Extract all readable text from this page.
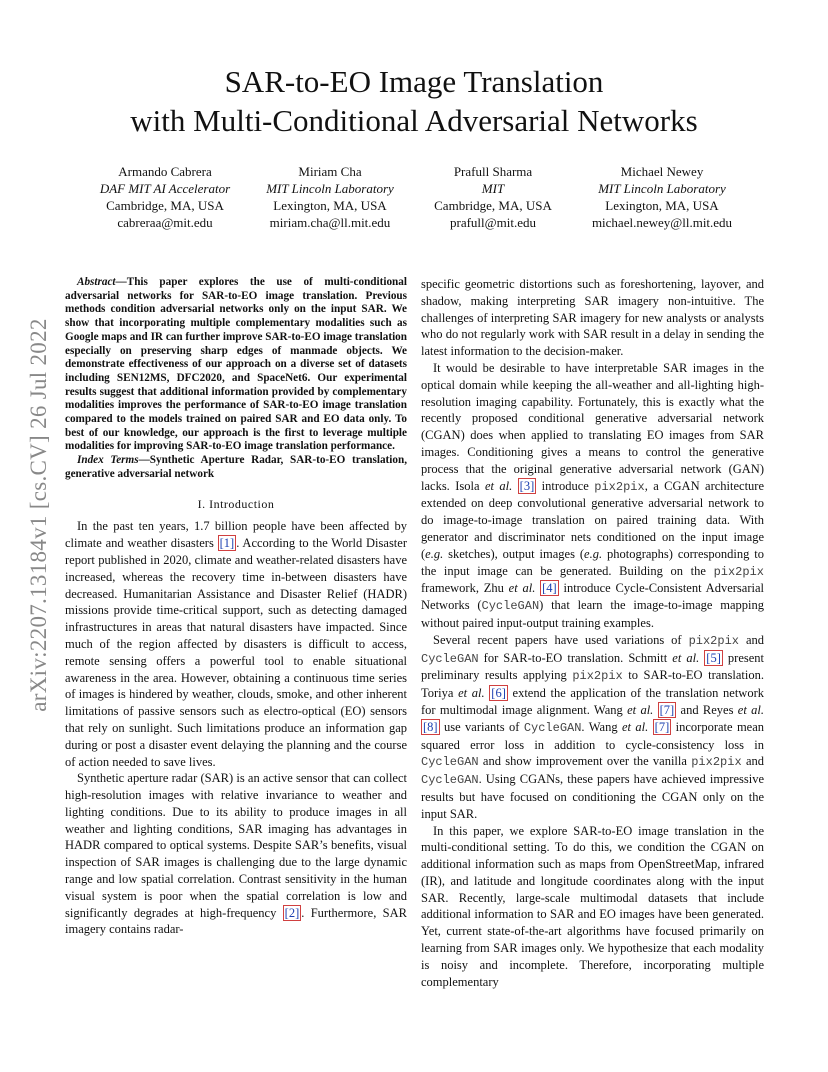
arXiv:2207.13184v1 [cs.CV] 26 Jul 2022
SAR-to-EO Image Translation
with Multi-Conditional Adversarial Networks
Armando Cabrera
DAF MIT AI Accelerator
Cambridge, MA, USA
cabreraa@mit.edu
Miriam Cha
MIT Lincoln Laboratory
Lexington, MA, USA
miriam.cha@ll.mit.edu
Prafull Sharma
MIT
Cambridge, MA, USA
prafull@mit.edu
Michael Newey
MIT Lincoln Laboratory
Lexington, MA, USA
michael.newey@ll.mit.edu

Abstract—This paper explores the use of multi-conditional adversarial networks for SAR-to-EO image translation. Previous methods condition adversarial networks only on the input SAR. We show that incorporating multiple complementary modalities such as Google maps and IR can further improve SAR-to-EO image translation especially on preserving sharp edges of manmade objects. We demonstrate effectiveness of our approach on a diverse set of datasets including SEN12MS, DFC2020, and SpaceNet6. Our experimental results suggest that additional information provided by complementary modalities improves the performance of SAR-to-EO image translation compared to the models trained on paired SAR and EO data only. To best of our knowledge, our approach is the first to leverage multiple modalities for improving SAR-to-EO image translation performance.

Index Terms—Synthetic Aperture Radar, SAR-to-EO translation, generative adversarial network

I. Introduction

In the past ten years, 1.7 billion people have been affected by climate and weather disasters [1] . According to the World Disaster report published in 2020, climate and weather-related disasters have increased, whereas the recovery time in-between disasters have decreased. Humanitarian Assistance and Disaster Relief (HADR) missions provide time-critical support, such as detecting damaged infrastructures in areas that natural disasters have impacted. Since much of the region affected by disasters is difficult to access, remote sensing offers a powerful tool to enable situational awareness in the area. However, obtaining a continuous time series of images is hindered by weather, clouds, smoke, and other inherent limitations of passive sensors such as electro-optical (EO) sensors that rely on sunlight. Such limitations produce an information gap during or post a disaster event delaying the planning and the course of action needed to save lives.

Synthetic aperture radar (SAR) is an active sensor that can collect high-resolution images with relative invariance to weather and lighting conditions. Due to its ability to produce images in all weather and lighting conditions, SAR imaging has advantages in HADR compared to optical systems. Despite SAR’s benefits, visual inspection of SAR images is challenging due to the large dynamic range and low spatial correlation. Contrast sensitivity in the human visual system is poor when the spatial correlation is low and significantly degrades at high-frequency [2] . Furthermore, SAR imagery contains radar-

specific geometric distortions such as foreshortening, layover, and shadow, making interpreting SAR imagery non-intuitive. The challenges of interpreting SAR imagery for new analysts or analysts who do not regularly work with SAR result in a delay in sending the latest information to the decision-maker.

It would be desirable to have interpretable SAR images in the optical domain while keeping the all-weather and all-lighting high-resolution imaging capability. Fortunately, this is exactly what the recently proposed conditional generative adversarial network (CGAN) does when applied to translating EO images from SAR images. Conditioning gives a means to control the generative process that the original generative adversarial network (GAN) lacks. Isola et al. [3] introduce pix2pix, a CGAN architecture extended on deep convolutional generative adversarial network to do image-to-image translation on paired training data. With generator and discriminator nets conditioned on the input image (e.g. sketches), output images (e.g. photographs) corresponding to the input image can be generated. Building on the pix2pix framework, Zhu et al. [4] introduce Cycle-Consistent Adversarial Networks (CycleGAN) that learn the image-to-image mapping without paired input-output training examples.

Several recent papers have used variations of pix2pix and CycleGAN for SAR-to-EO translation. Schmitt et al. [5] present preliminary results applying pix2pix to SAR-to-EO translation. Toriya et al. [6] extend the application of the translation network for multimodal image alignment. Wang et al. [7] and Reyes et al. [8] use variants of CycleGAN. Wang et al. [7] incorporate mean squared error loss in addition to cycle-consistency loss in CycleGAN and show improvement over the vanilla pix2pix and CycleGAN. Using CGANs, these papers have achieved impressive results but have focused on conditioning the CGAN only on the input SAR.

In this paper, we explore SAR-to-EO image translation in the multi-conditional setting. To do this, we condition the CGAN on additional information such as maps from OpenStreetMap, infrared (IR), and latitude and longitude coordinates along with the input SAR. Recently, large-scale multimodal datasets that include additional information to SAR and EO images have been generated. Yet, current state-of-the-art algorithms have focused primarily on learning from SAR images only. We hypothesize that each modality is noisy and incomplete. Therefore, incorporating multiple complementary
